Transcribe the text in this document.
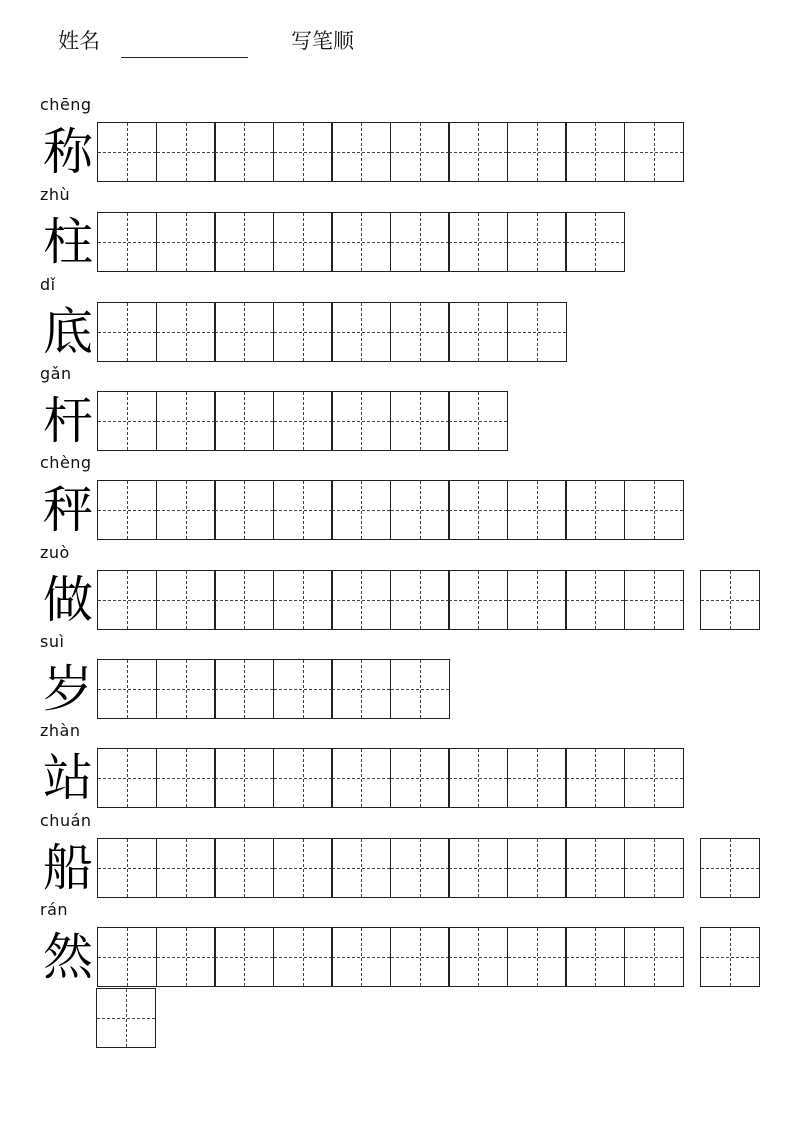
姓名	写笔顺
chēng
称
zhù
柱
dǐ
底
gǎn
杆
chèng
秤
zuò
做
suì
岁
zhàn
站
chuán
船
rán
然
